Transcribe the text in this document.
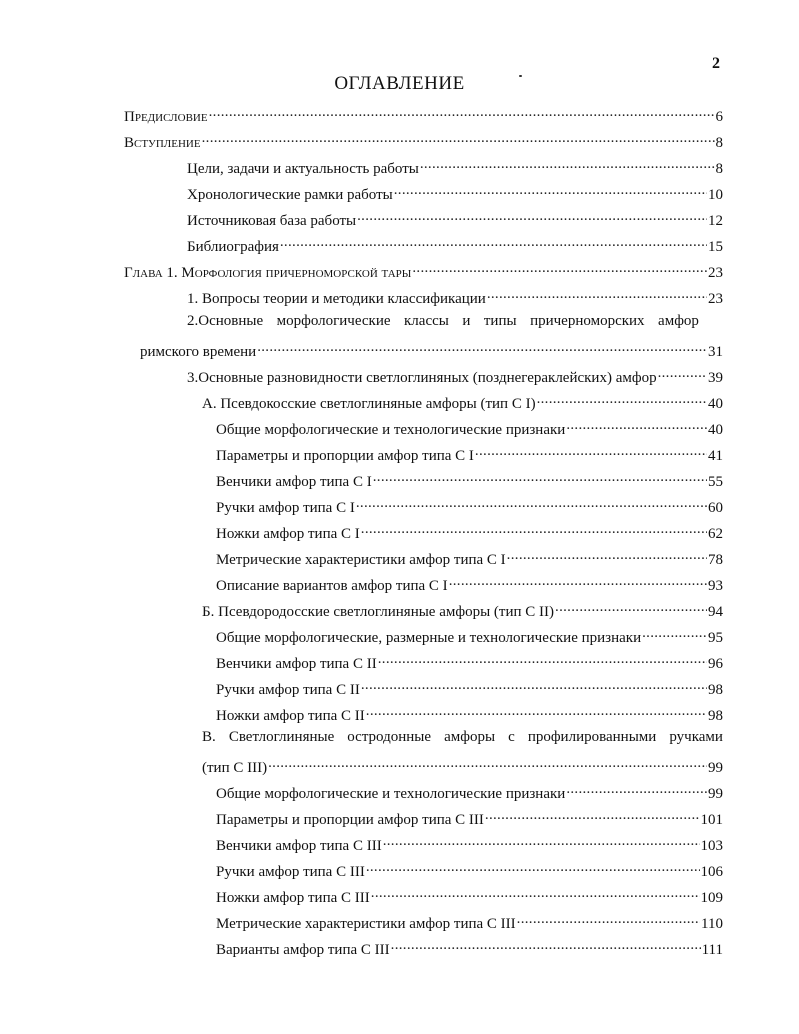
2
ОГЛАВЛЕНИЕ
Предисловие .....	6
Вступление .....	8
Цели, задачи и актуальность работы .....	8
Хронологические рамки работы .....	10
Источниковая база работы .....	12
Библиография .....	15
Глава 1. Морфология причерноморской тары .....	23
1. Вопросы теории и методики классификации .....	23
2.Основные морфологические классы и типы причерноморских амфор
римского времени .....	31
3.Основные разновидности светлоглиняных (позднегераклейских) амфор .....	39
А. Псевдокосские светлоглиняные амфоры (тип С I) .....	40
Общие морфологические и технологические признаки .....	40
Параметры и пропорции амфор типа С I .....	41
Венчики амфор типа С I .....	55
Ручки амфор типа С I .....	60
Ножки амфор типа С I .....	62
Метрические характеристики амфор типа С I .....	78
Описание вариантов амфор типа С I .....	93
Б. Псевдородосские светлоглиняные амфоры (тип С II) .....	94
Общие морфологические, размерные и технологические признаки .....	95
Венчики амфор типа С II .....	96
Ручки амфор типа С II .....	98
Ножки амфор типа С II .....	98
В. Светлоглиняные остродонные амфоры с профилированными ручками
(тип С III) .....	99
Общие морфологические и технологические признаки .....	99
Параметры и пропорции амфор типа С III .....	101
Венчики амфор типа С III .....	103
Ручки амфор типа С III .....	106
Ножки амфор типа С III .....	109
Метрические характеристики амфор типа С III .....	110
Варианты амфор типа С III .....	111
